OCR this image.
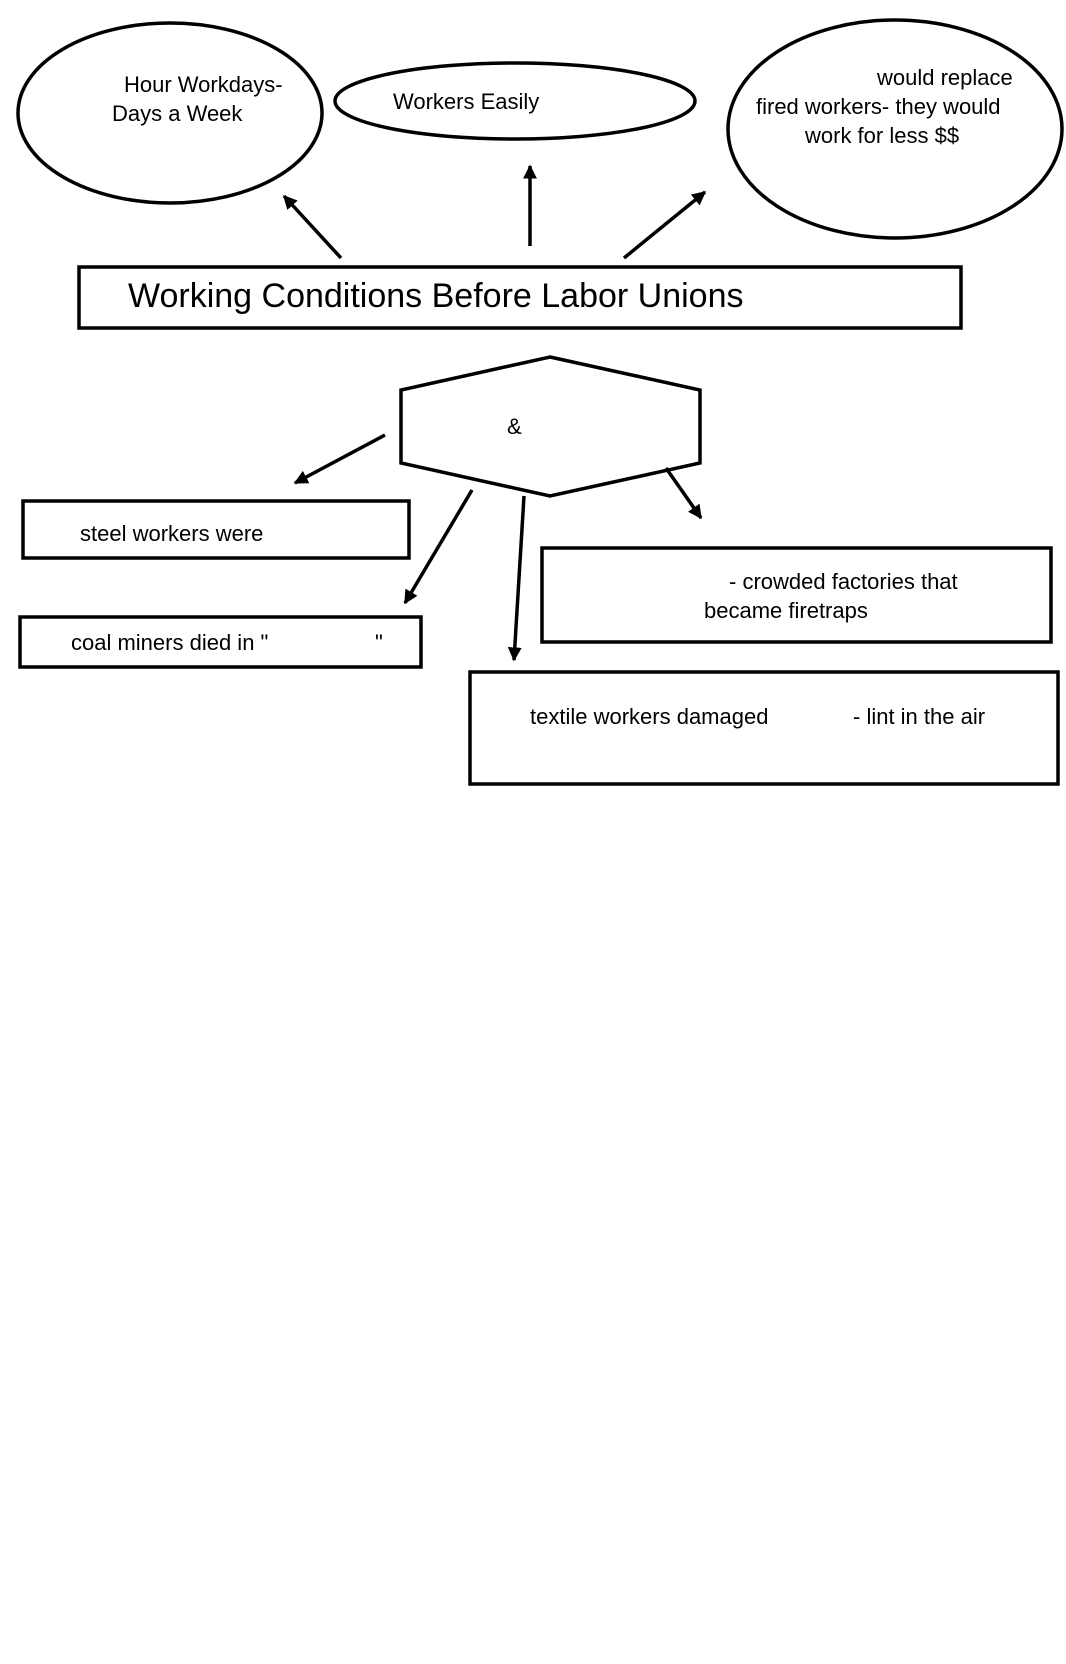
Hour Workdays-
Days a Week	Workers Easily
would replace
fired workers- they would
work for less $$
Working Conditions Before Labor Unions
&
steel workers were
coal miners died in "	"
- crowded factories that
became firetraps
textile workers damaged	- lint in the air
